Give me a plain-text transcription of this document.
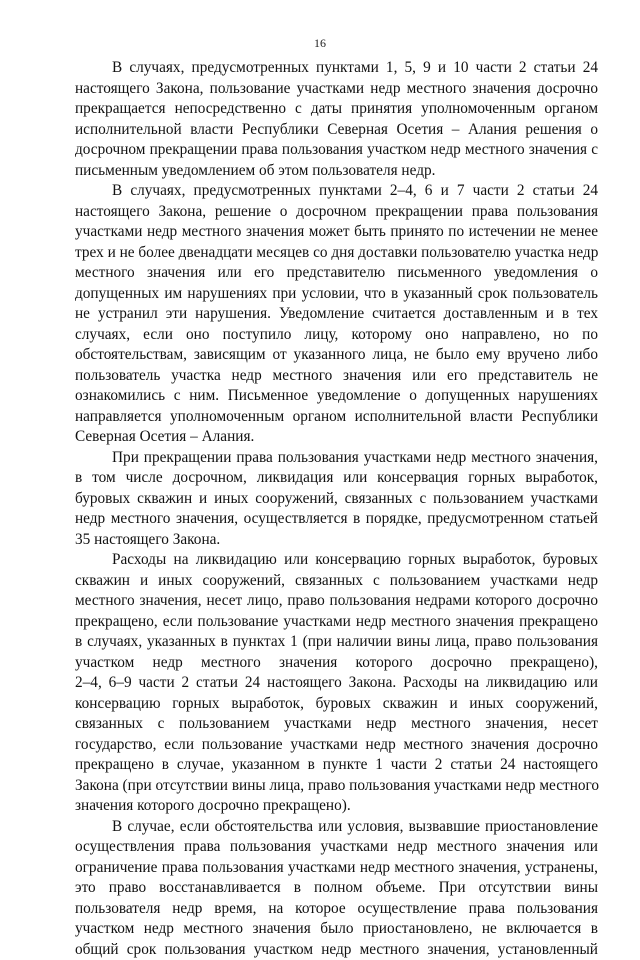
16
В случаях, предусмотренных пунктами 1, 5, 9 и 10 части 2 статьи 24
настоящего Закона, пользование участками недр местного значения досрочно
прекращается непосредственно с даты принятия уполномоченным органом
исполнительной власти Республики Северная Осетия – Алания решения о
досрочном прекращении права пользования участком недр местного значения с
письменным уведомлением об этом пользователя недр.
В случаях, предусмотренных пунктами 2–4, 6 и 7 части 2 статьи 24
настоящего Закона, решение о досрочном прекращении права пользования
участками недр местного значения может быть принято по истечении не менее
трех и не более двенадцати месяцев со дня доставки пользователю участка недр
местного значения или его представителю письменного уведомления о
допущенных им нарушениях при условии, что в указанный срок пользователь
не устранил эти нарушения. Уведомление считается доставленным и в тех
случаях, если оно поступило лицу, которому оно направлено, но по
обстоятельствам, зависящим от указанного лица, не было ему вручено либо
пользователь участка недр местного значения или его представитель не
ознакомились с ним. Письменное уведомление о допущенных нарушениях
направляется уполномоченным органом исполнительной власти Республики
Северная Осетия – Алания.
При прекращении права пользования участками недр местного значения,
в том числе досрочном, ликвидация или консервация горных выработок,
буровых скважин и иных сооружений, связанных с пользованием участками
недр местного значения, осуществляется в порядке, предусмотренном статьей
35 настоящего Закона.
Расходы на ликвидацию или консервацию горных выработок, буровых
скважин и иных сооружений, связанных с пользованием участками недр
местного значения, несет лицо, право пользования недрами которого досрочно
прекращено, если пользование участками недр местного значения прекращено
в случаях, указанных в пунктах 1 (при наличии вины лица, право пользования
участком недр местного значения которого досрочно прекращено),
2–4, 6–9 части 2 статьи 24 настоящего Закона. Расходы на ликвидацию или
консервацию горных выработок, буровых скважин и иных сооружений,
связанных с пользованием участками недр местного значения, несет
государство, если пользование участками недр местного значения досрочно
прекращено в случае, указанном в пункте 1 части 2 статьи 24 настоящего
Закона (при отсутствии вины лица, право пользования участками недр местного
значения которого досрочно прекращено).
В случае, если обстоятельства или условия, вызвавшие приостановление
осуществления права пользования участками недр местного значения или
ограничение права пользования участками недр местного значения, устранены,
это право восстанавливается в полном объеме. При отсутствии вины
пользователя недр время, на которое осуществление права пользования
участком недр местного значения было приостановлено, не включается в
общий срок пользования участком недр местного значения, установленный
